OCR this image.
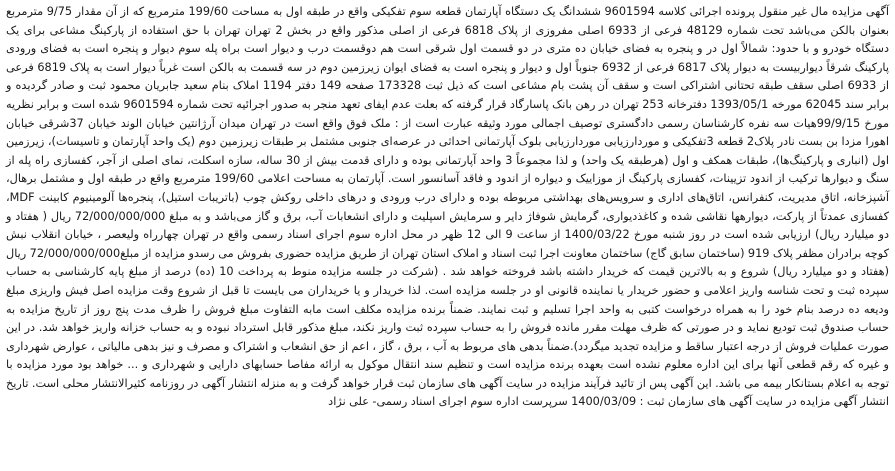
آگهی مزایده مال غیر منقول پرونده اجرائی کلاسه 9601594 ششدانگ یک دستگاه آپارتمان قطعه سوم تفکیکی واقع در طبقه اول به مساحت 199/60 مترمربع که از آن مقدار 9/75 مترمربع بعنوان بالکن می‌باشد تحت شماره 48129 فرعی از 6933 اصلی مفروزی از پلاک 6818 فرعی از اصلی مذکور واقع در بخش 2 تهران تهران با حق استفاده از پارکینگ مشاعی برای یک دستگاه خودرو و با حدود: شمالاً اول در و پنجره به فضای خیابان ده متری در دو قسمت اول شرقی است هم دوقسمت درب و دیوار است براه پله سوم دیوار و پنجره است به فضای ورودی پارکینگ شرقاً دیواربیست به دیوار پلاک 6817 فرعی از 6932 جنوباً اول و دیوار و پنجره است به فضای ایوان زیرزمین دوم در سه قسمت به بالکن است غرباً دیوار است به پلاک 6819 فرعی از 6933 اصلی سقف طبقه تحتانی اشتراکی است و سقف آن پشت بام مشاعی است که ذیل ثبت 173328 صفحه 149 دفتر 1194 املاک بنام سعید جابریان محمود ثبت و صادر گردیده و برابر سند 62045 مورخه 1393/05/1 دفترخانه 253 تهران در رهن بانک پاسارگاد قرار گرفته که بعلت عدم ایفای تعهد منجر به صدور اجرائیه تحت شماره 9601594 شده است و برابر نظریه مورخ 99/9/15هیات سه نفره کارشناسان رسمی دادگستری توصیف اجمالی مورد وثیقه عبارت است از : ملک فوق واقع است در تهران میدان آرژانتین خیابان الوند خیابان 37شرقی خیابان اهورا مزدا بن بست نادر پلاک2 قطعه 3تفکیکی و موردارزیابی موردارزیابی بلوک آپارتمانی احداثی در عرصه‌ای جنوبی مشتمل بر طبقات زیرزمین دوم (یک واحد آپارتمان و تاسیسات)، زیرزمین اول (انباری و پارکینگ‌ها)، طبقات همکف و اول (هرطبقه یک واحد) و لذا مجموعاً 3 واحد آپارتمانی بوده و دارای قدمت بیش از 30 ساله، سازه اسکلت، نمای اصلی از آجر، کفسازی راه پله از سنگ و دیوارها ترکیب از اندود تزیینات، کفسازی پارکینگ از موزاییک و دیواره از اندود و فاقد آسانسور است. آپارتمان به مساحت اعلامی 199/60 مترمربع واقع در طبقه اول و مشتمل برهال، آشپزخانه، اتاق مدیریت، کنفرانس، اتاق‌های اداری و سرویس‌های بهداشتی مربوطه بوده و دارای درب ورودی و درهای داخلی روکش چوب (باتریبات استیل)، پنجره‌ها آلومینیوم کابینت MDF، کفسازی عمدتاً از پارکت، دیوارهها نقاشی شده و کاغذدیواری، گرمایش شوفاژ دایر و سرمایش اسپلیت و دارای انشعابات آب، برق و گاز می‌باشد و به مبلغ 72/000/000/000 ریال ( هفتاد و دو میلیارد ریال) ارزیابی شده است در روز شنبه مورخ 1400/03/22 از ساعت 9 الی 12 ظهر در محل اداره سوم اجرای اسناد رسمی واقع در تهران چهارراه ولیعصر ، خیابان انقلاب نبش کوچه برادران مظفر پلاک 919 (ساختمان سابق گاج) ساختمان معاونت اجرا ثبت اسناد و املاک استان تهران از طریق مزایده حضوری بفروش می رسدو مزایده از مبلغ72/000/000/000 ریال (هفتاد و دو میلیارد ریال) شروع و به بالاترین قیمت که خریدار داشته باشد فروخته خواهد شد . (شرکت در جلسه مزایده منوط به پرداخت 10 (ده) درصد از مبلغ پایه کارشناسی به حساب سپرده ثبت و تحت شناسه واریز اعلامی و حضور خریدار یا نماینده قانونی او در جلسه مزایده است. لذا خریدار و یا خریداران می بایست تا قبل از شروع وقت مزایده اصل فیش واریزی مبلغ ودیعه ده درصد بنام خود را به همراه درخواست کتبی به واحد اجرا تسلیم و ثبت نمایند. ضمناً برنده مزایده مکلف است مابه التفاوت مبلغ فروش را ظرف مدت پنج روز از تاریخ مزایده به حساب صندوق ثبت تودیع نماید و در صورتی که ظرف مهلت مقرر مانده فروش را به حساب سپرده ثبت واریز نکند، مبلغ مذکور قابل استرداد نبوده و به حساب خزانه واریز خواهد شد. در این صورت عملیات فروش از درجه اعتبار ساقط و مزایده تجدید میگردد).ضمناً بدهی های مربوط به آب ، برق ، گاز ، اعم از حق انشعاب و اشتراک و مصرف و نیز بدهی مالیاتی ، عوارض شهرداری و غیره که رقم قطعی آنها برای این اداره معلوم نشده است بعهده برنده مزایده است و تنظیم سند انتقال موکول به ارائه مفاصا حسابهای دارایی و شهرداری و ... خواهد بود مورد مزایده با توجه به اعلام بستانکار بیمه می باشد. این آگهی پس از تائید فرآیند مزایده در سایت آگهی های سازمان ثبت قرار خواهد گرفت و به منزله انتشار آگهی در روزنامه کثیرالانتشار محلی است. تاریخ انتشار آگهی مزایده در سایت آگهی های سازمان ثبت : 1400/03/09 سرپرست اداره سوم اجرای اسناد رسمی- علی نژاد
